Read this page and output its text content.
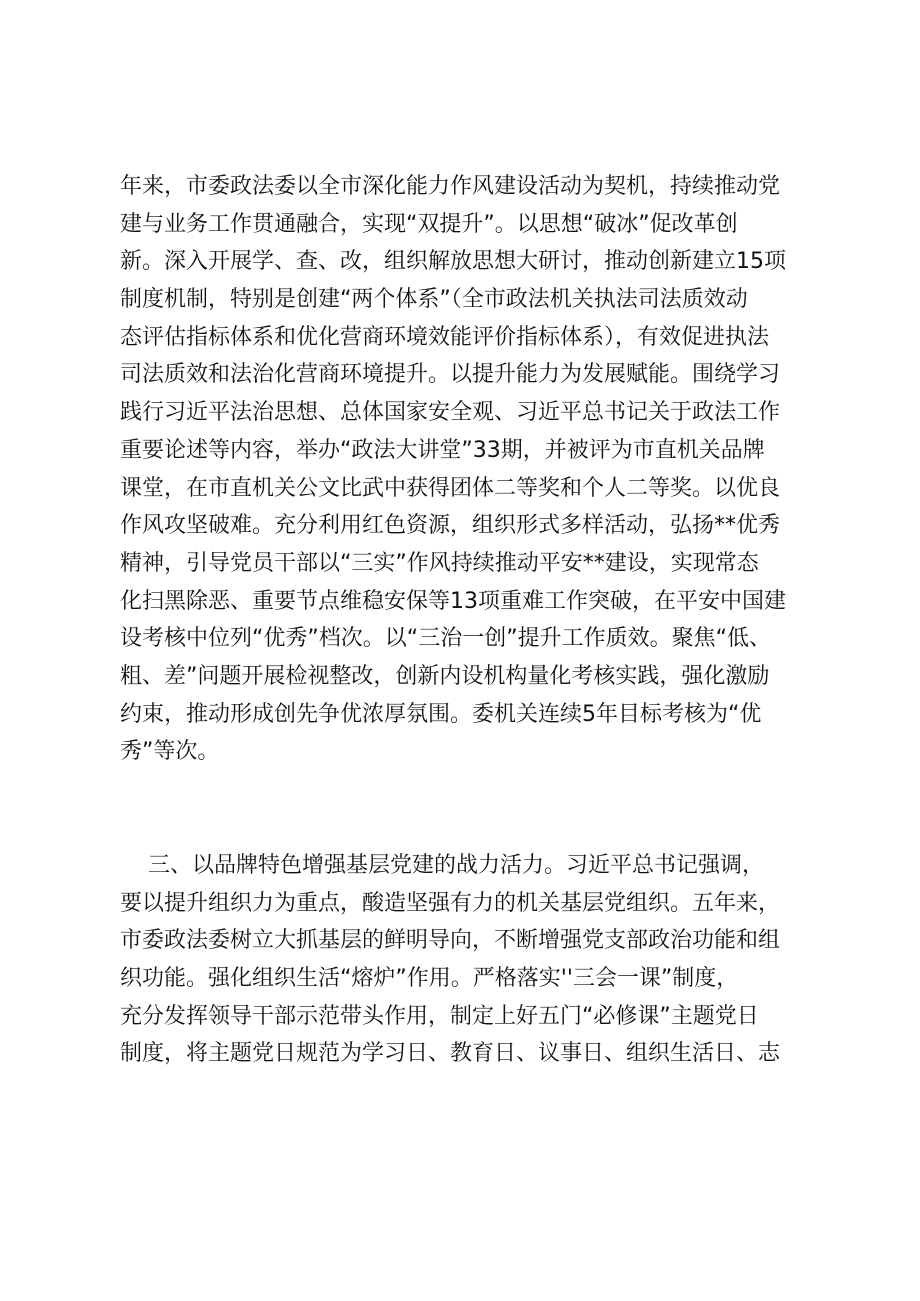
年来，市委政法委以全市深化能力作风建设活动为契机，持续推动党
建与业务工作贯通融合，实现“双提升”。以思想“破冰”促改革创
新。深入开展学、查、改，组织解放思想大研讨，推动创新建立15项
制度机制，特别是创建“两个体系”（全市政法机关执法司法质效动
态评估指标体系和优化营商环境效能评价指标体系），有效促进执法
司法质效和法治化营商环境提升。以提升能力为发展赋能。围绕学习
践行习近平法治思想、总体国家安全观、习近平总书记关于政法工作
重要论述等内容，举办“政法大讲堂”33期，并被评为市直机关品牌
课堂，在市直机关公文比武中获得团体二等奖和个人二等奖。以优良
作风攻坚破难。充分利用红色资源，组织形式多样活动，弘扬**优秀
精神，引导党员干部以“三实”作风持续推动平安**建设，实现常态
化扫黑除恶、重要节点维稳安保等13项重难工作突破，在平安中国建
设考核中位列“优秀”档次。以“三治一创”提升工作质效。聚焦“低、
粗、差”问题开展检视整改，创新内设机构量化考核实践，强化激励
约束，推动形成创先争优浓厚氛围。委机关连续5年目标考核为“优
秀”等次。
三、以品牌特色增强基层党建的战力活力。习近平总书记强调，
要以提升组织力为重点，酸造坚强有力的机关基层党组织。五年来，
市委政法委树立大抓基层的鲜明导向，不断增强党支部政治功能和组
织功能。强化组织生活“熔炉”作用。严格落实''三会一课”制度，
充分发挥领导干部示范带头作用，制定上好五门“必修课”主题党日
制度，将主题党日规范为学习日、教育日、议事日、组织生活日、志
